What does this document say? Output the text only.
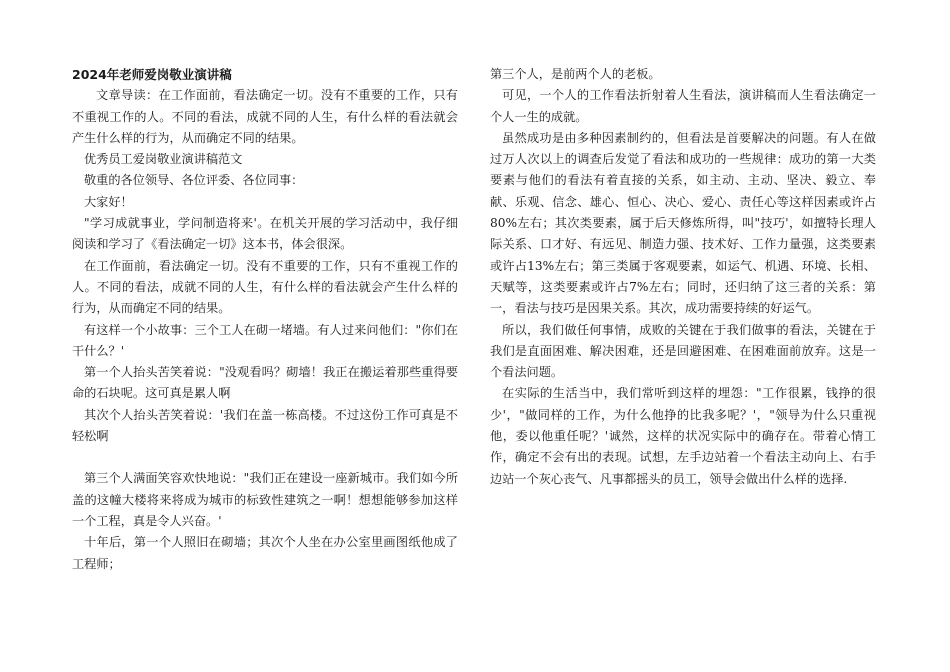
2024年老师爱岗敬业演讲稿

文章导读：在工作面前，看法确定一切。没有不重要的工作，只有不重视工作的人。不同的看法，成就不同的人生，有什么样的看法就会产生什么样的行为，从而确定不同的结果。

优秀员工爱岗敬业演讲稿范文

敬重的各位领导、各位评委、各位同事：

大家好！

"学习成就事业，学问制造将来'。在机关开展的学习活动中，我仔细阅读和学习了《看法确定一切》这本书，体会很深。

在工作面前，看法确定一切。没有不重要的工作，只有不重视工作的人。不同的看法，成就不同的人生，有什么样的看法就会产生什么样的行为，从而确定不同的结果。

有这样一个小故事：三个工人在砌一堵墙。有人过来问他们："你们在干什么？'

第一个人抬头苦笑着说："没观看吗？砌墙！我正在搬运着那些重得要命的石块呢。这可真是累人啊

其次个人抬头苦笑着说：'我们在盖一栋高楼。不过这份工作可真是不轻松啊

第三个人满面笑容欢快地说："我们正在建设一座新城市。我们如今所盖的这幢大楼将来将成为城市的标致性建筑之一啊！想想能够参加这样一个工程，真是令人兴奋。'

十年后，第一个人照旧在砌墙；其次个人坐在办公室里画图纸他成了工程师；

第三个人，是前两个人的老板。

可见，一个人的工作看法折射着人生看法，演讲稿而人生看法确定一个人一生的成就。

虽然成功是由多种因素制约的，但看法是首要解决的问题。有人在做过万人次以上的调查后发觉了看法和成功的一些规律：成功的第一大类要素与他们的看法有着直接的关系，如主动、主动、坚决、毅立、奉献、乐观、信念、雄心、恒心、决心、爱心、责任心等这样因素或许占80%左右；其次类要素，属于后天修炼所得，叫"技巧'，如擅特长理人际关系、口才好、有远见、制造力强、技术好、工作力量强，这类要素或许占13%左右；第三类属于客观要素，如运气、机遇、环境、长相、天赋等，这类要素或许占7%左右；同时，还归纳了这三者的关系：第一，看法与技巧是因果关系。其次，成功需要持续的好运气。

所以，我们做任何事情，成败的关键在于我们做事的看法，关键在于我们是直面困难、解决困难，还是回避困难、在困难面前放弃。这是一个看法问题。

在实际的生活当中，我们常听到这样的埋怨："工作很累，钱挣的很少'，"做同样的工作，为什么他挣的比我多呢？'，"领导为什么只重视他，委以他重任呢？'诚然，这样的状况实际中的确存在。带着心情工作，确定不会有出的表现。试想，左手边站着一个看法主动向上、右手边站一个灰心丧气、凡事都摇头的员工，领导会做出什么样的选择.
